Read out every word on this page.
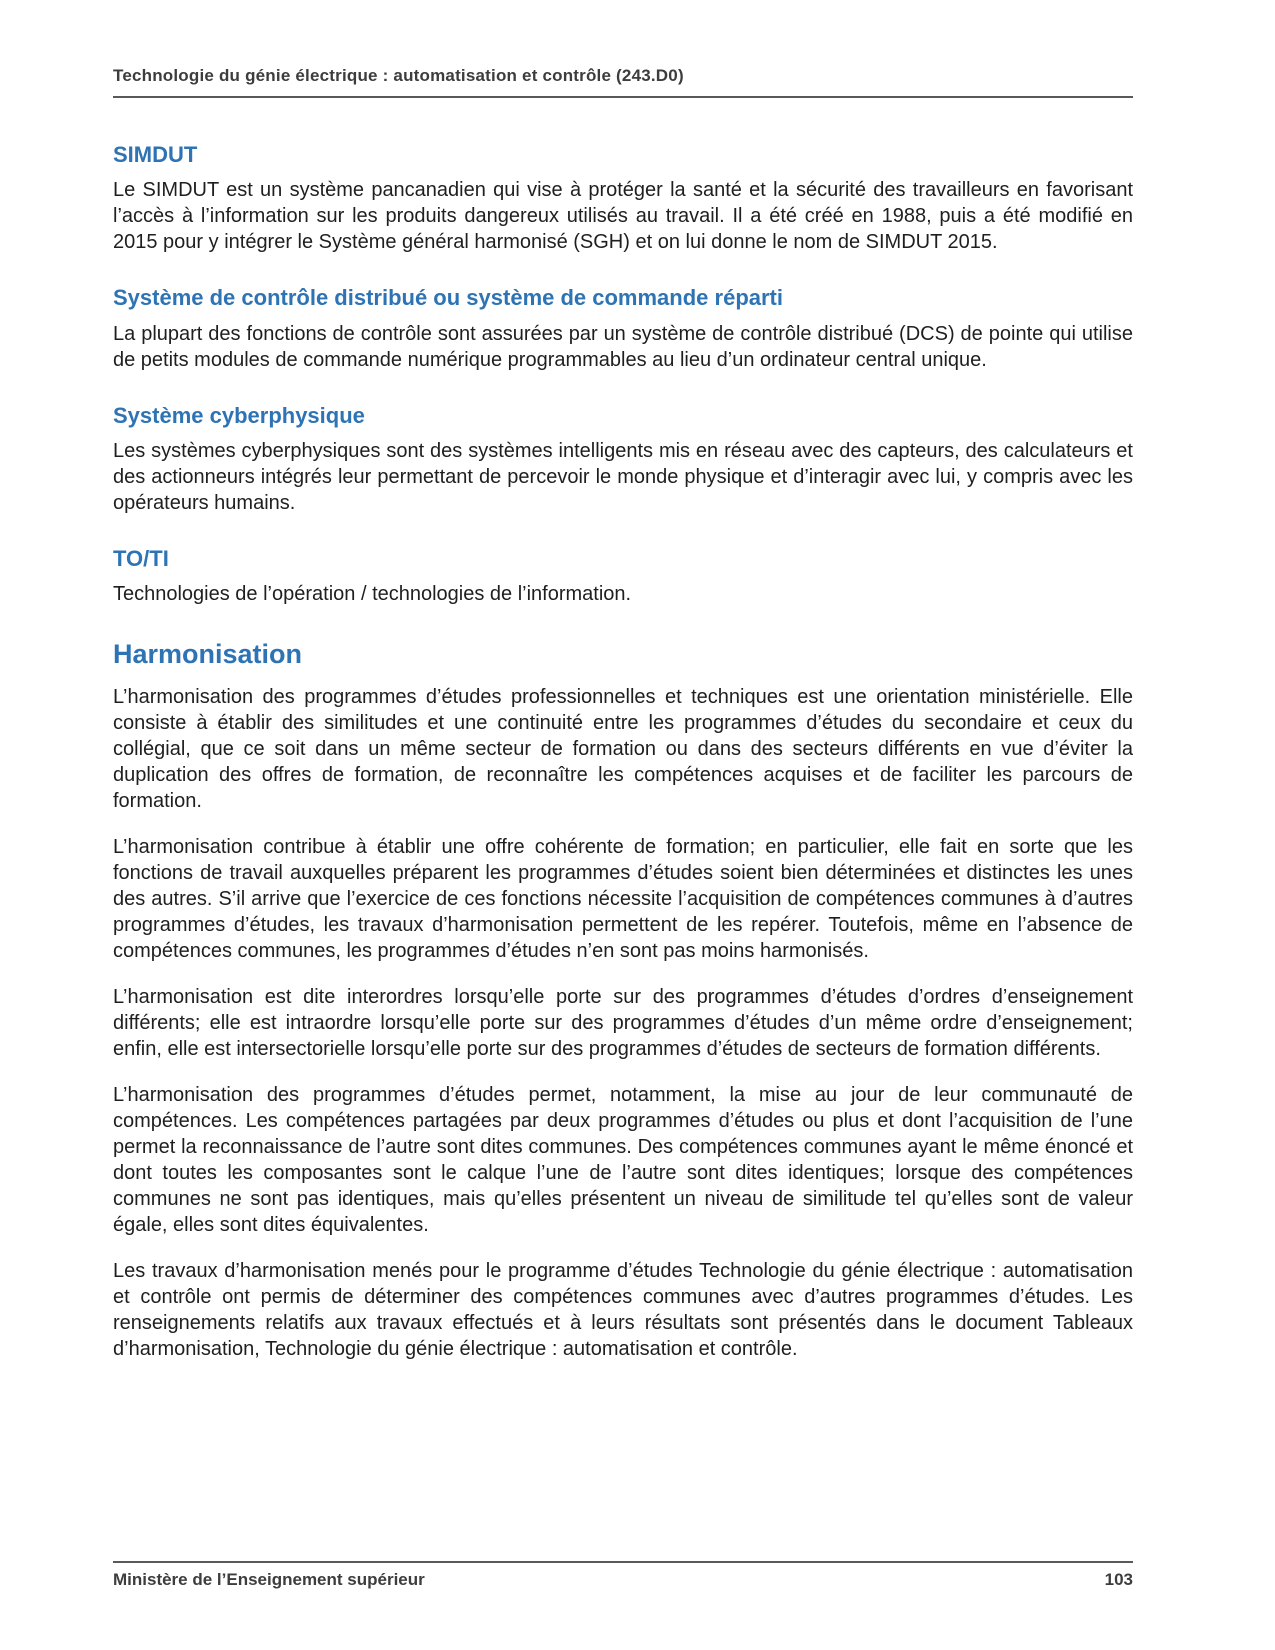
Technologie du génie électrique : automatisation et contrôle (243.D0)
SIMDUT

Le SIMDUT est un système pancanadien qui vise à protéger la santé et la sécurité des travailleurs en favorisant l’accès à l’information sur les produits dangereux utilisés au travail. Il a été créé en 1988, puis a été modifié en 2015 pour y intégrer le Système général harmonisé (SGH) et on lui donne le nom de SIMDUT 2015.

Système de contrôle distribué ou système de commande réparti

La plupart des fonctions de contrôle sont assurées par un système de contrôle distribué (DCS) de pointe qui utilise de petits modules de commande numérique programmables au lieu d’un ordinateur central unique.

Système cyberphysique

Les systèmes cyberphysiques sont des systèmes intelligents mis en réseau avec des capteurs, des calculateurs et des actionneurs intégrés leur permettant de percevoir le monde physique et d’interagir avec lui, y compris avec les opérateurs humains.

TO/TI

Technologies de l’opération / technologies de l’information.

Harmonisation

L’harmonisation des programmes d’études professionnelles et techniques est une orientation ministérielle. Elle consiste à établir des similitudes et une continuité entre les programmes d’études du secondaire et ceux du collégial, que ce soit dans un même secteur de formation ou dans des secteurs différents en vue d’éviter la duplication des offres de formation, de reconnaître les compétences acquises et de faciliter les parcours de formation.

L’harmonisation contribue à établir une offre cohérente de formation; en particulier, elle fait en sorte que les fonctions de travail auxquelles préparent les programmes d’études soient bien déterminées et distinctes les unes des autres. S’il arrive que l’exercice de ces fonctions nécessite l’acquisition de compétences communes à d’autres programmes d’études, les travaux d’harmonisation permettent de les repérer. Toutefois, même en l’absence de compétences communes, les programmes d’études n’en sont pas moins harmonisés.

L’harmonisation est dite interordres lorsqu’elle porte sur des programmes d’études d’ordres d’enseignement différents; elle est intraordre lorsqu’elle porte sur des programmes d’études d’un même ordre d’enseignement; enfin, elle est intersectorielle lorsqu’elle porte sur des programmes d’études de secteurs de formation différents.

L’harmonisation des programmes d’études permet, notamment, la mise au jour de leur communauté de compétences. Les compétences partagées par deux programmes d’études ou plus et dont l’acquisition de l’une permet la reconnaissance de l’autre sont dites communes. Des compétences communes ayant le même énoncé et dont toutes les composantes sont le calque l’une de l’autre sont dites identiques; lorsque des compétences communes ne sont pas identiques, mais qu’elles présentent un niveau de similitude tel qu’elles sont de valeur égale, elles sont dites équivalentes.

Les travaux d’harmonisation menés pour le programme d’études Technologie du génie électrique : automatisation et contrôle ont permis de déterminer des compétences communes avec d’autres programmes d’études. Les renseignements relatifs aux travaux effectués et à leurs résultats sont présentés dans le document Tableaux d’harmonisation, Technologie du génie électrique : automatisation et contrôle.

Ministère de l’Enseignement supérieur	103
